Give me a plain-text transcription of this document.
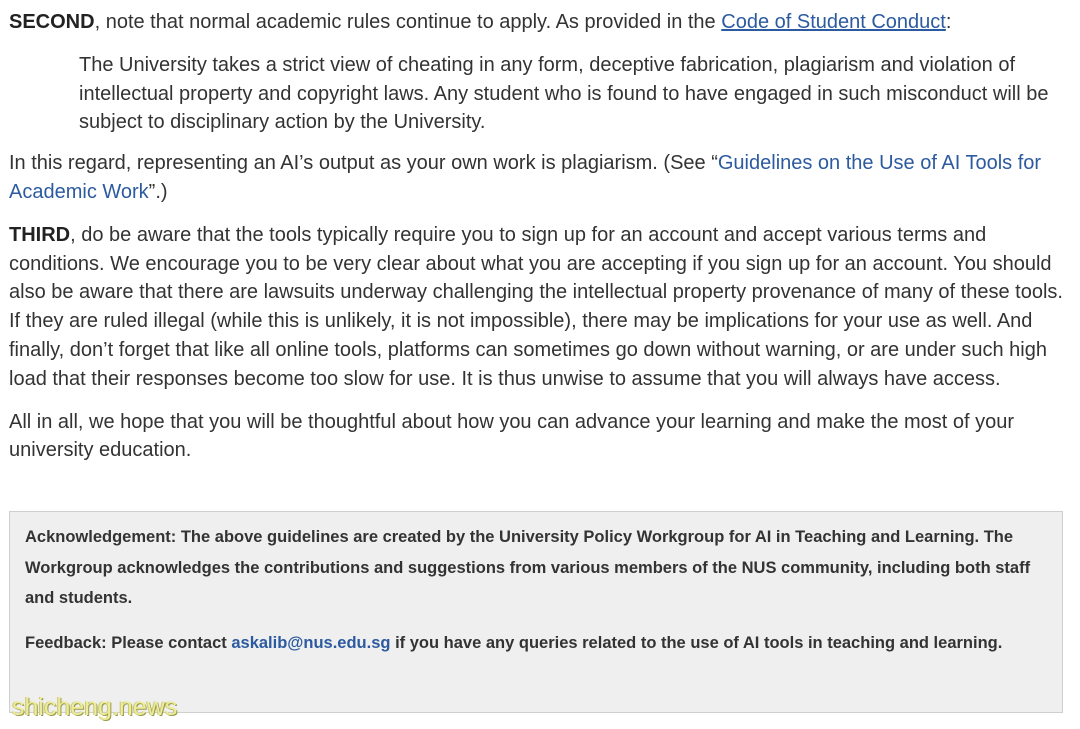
SECOND, note that normal academic rules continue to apply. As provided in the Code of Student Conduct:

The University takes a strict view of cheating in any form, deceptive fabrication, plagiarism and violation of intellectual property and copyright laws. Any student who is found to have engaged in such misconduct will be subject to disciplinary action by the University.

In this regard, representing an AI’s output as your own work is plagiarism. (See “Guidelines on the Use of AI Tools for Academic Work”.)

THIRD, do be aware that the tools typically require you to sign up for an account and accept various terms and conditions. We encourage you to be very clear about what you are accepting if you sign up for an account. You should also be aware that there are lawsuits underway challenging the intellectual property provenance of many of these tools. If they are ruled illegal (while this is unlikely, it is not impossible), there may be implications for your use as well. And finally, don’t forget that like all online tools, platforms can sometimes go down without warning, or are under such high load that their responses become too slow for use. It is thus unwise to assume that you will always have access.

All in all, we hope that you will be thoughtful about how you can advance your learning and make the most of your university education.

Acknowledgement: The above guidelines are created by the University Policy Workgroup for AI in Teaching and Learning. The Workgroup acknowledges the contributions and suggestions from various members of the NUS community, including both staff and students.

Feedback: Please contact askalib@nus.edu.sg if you have any queries related to the use of AI tools in teaching and learning.

shicheng.news
